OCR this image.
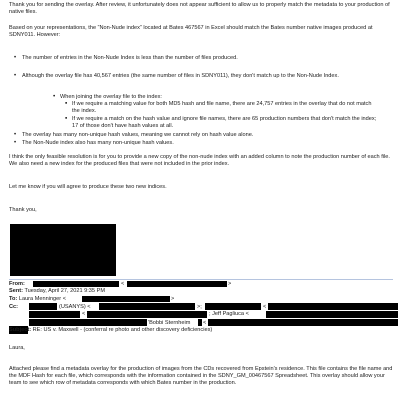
Thank you for sending the overlay. After review, it unfortunately does not appear sufficient to allow us to properly match the metadata to your production of native files.

Based on your representations, the “Non-Nude index” located at Bates 467567 in Excel should match the Bates number native images produced at SDNY011. However:

• The number of entries in the Non-Nude Index is less than the number of files produced.
• Although the overlay file has 40,567 entries (the same number of files in SDNY011), they don't match up to the Non-Nude Index.
• When joining the overlay file to the index:
▪ If we require a matching value for both MD5 hash and file name, there are 24,757 entries in the overlay that do not match the index.
▪ If we require a match on the hash value and ignore file names, there are 65 production numbers that don't match the index; 17 of those don't have hash values at all.
• The overlay has many non-unique hash values, meaning we cannot rely on hash value alone.
• The Non-Nude index also has many non-unique hash values.

I think the only feasible resolution is for you to provide a new copy of the non-nude index with an added column to note the production number of each file. We also need a new index for the produced files that were not included in the prior index.

Let me know if you will agree to produce these two new indices.

Thank you,

From:	<	>
Sent: Tuesday, April 27, 2021 9:35 PM
To: Laura Menninger <	>
Cc:	(USANYS) <	>;	<
<	; Jeff Pagliuca <
'Bobbi Sternheim <
Subject: RE: US v. Maxwell - (conferral re photo and other discovery deficiencies)

Laura,

Attached please find a metadata overlay for the production of images from the CDs recovered from Epstein's residence. This file contains the file name and the MDF Hash for each file, which corresponds with the information contained in the SDNY_GM_00467567 Spreadsheet. This overlay should allow your team to see which row of metadata corresponds with which Bates number in the production.
